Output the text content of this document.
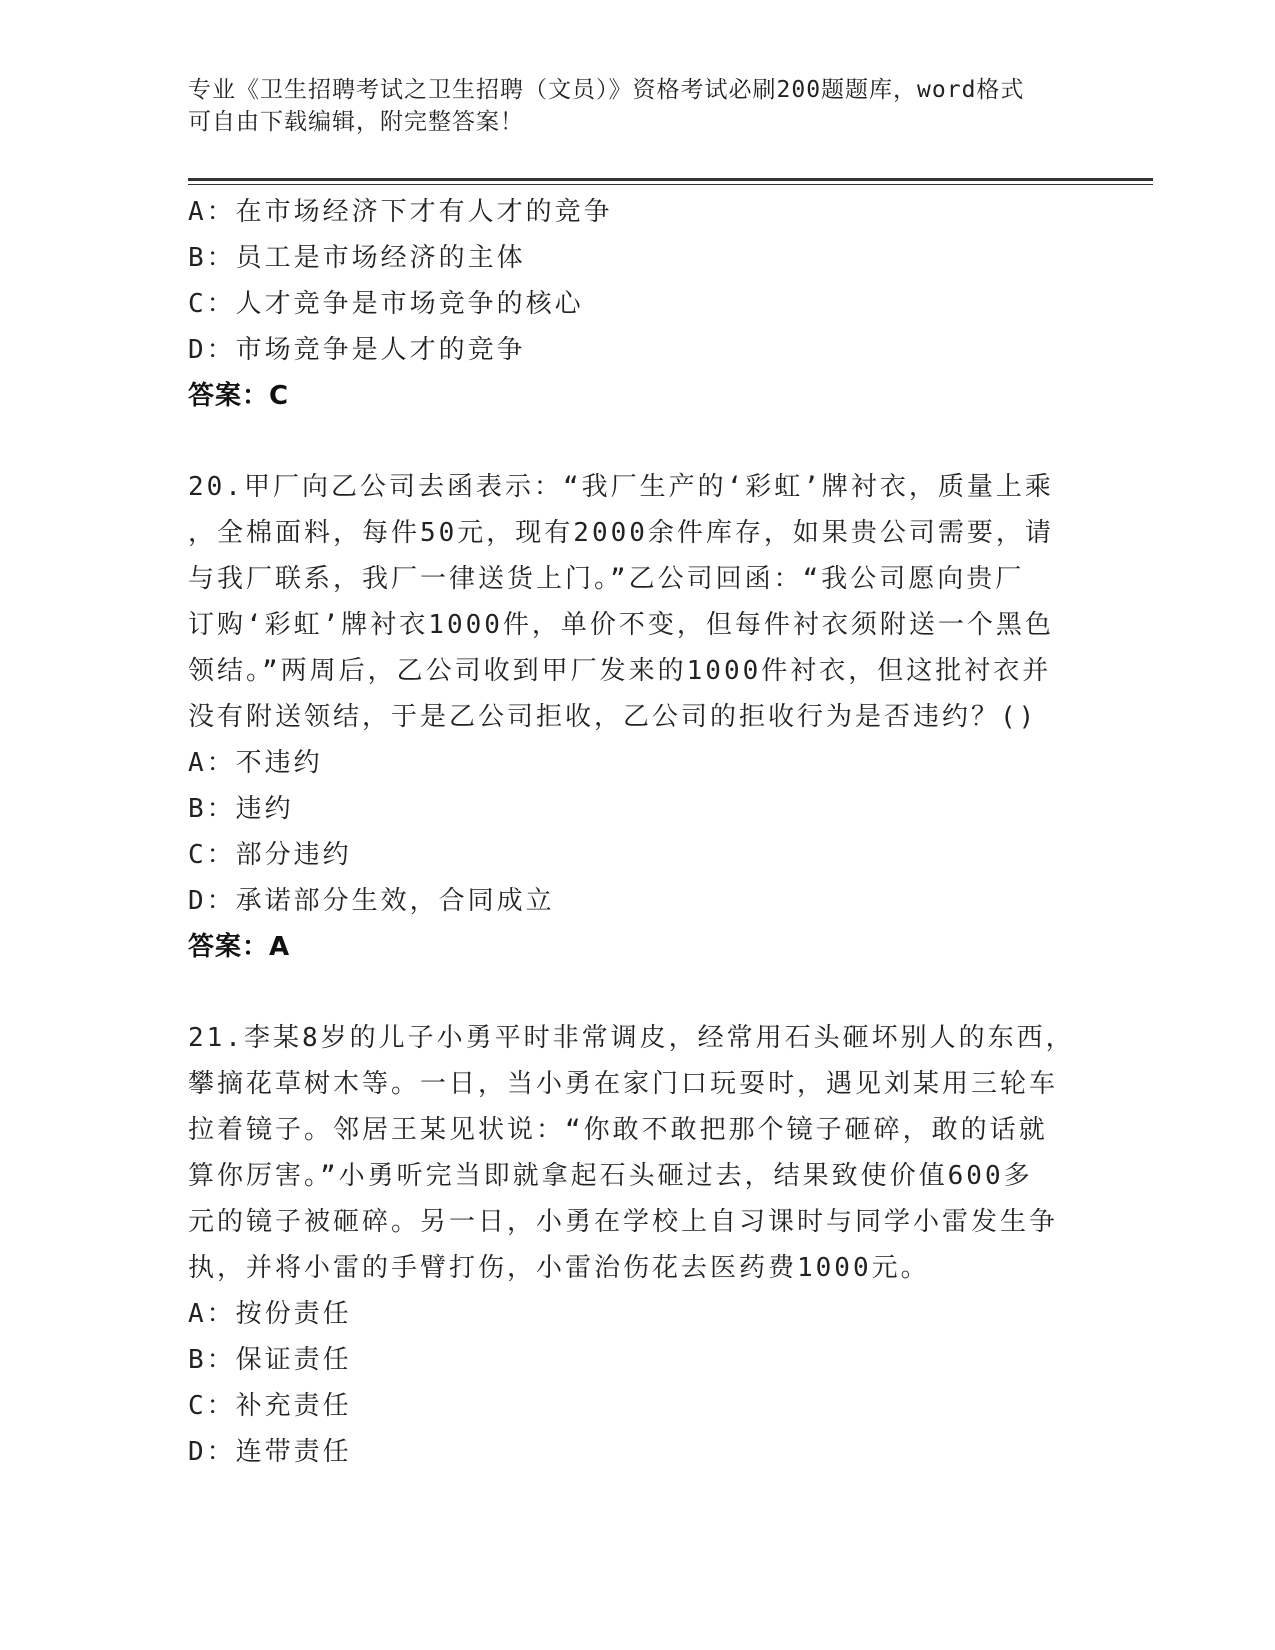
专业《卫生招聘考试之卫生招聘（文员）》资格考试必刷200题题库，word格式
可自由下载编辑，附完整答案！
A：在市场经济下才有人才的竞争
B：员工是市场经济的主体
C：人才竞争是市场竞争的核心
D：市场竞争是人才的竞争
答案：C
20.甲厂向乙公司去函表示：“我厂生产的‘彩虹’牌衬衣，质量上乘
，全棉面料，每件50元，现有2000余件库存，如果贵公司需要，请
与我厂联系，我厂一律送货上门。”乙公司回函：“我公司愿向贵厂
订购‘彩虹’牌衬衣1000件，单价不变，但每件衬衣须附送一个黑色
领结。”两周后，乙公司收到甲厂发来的1000件衬衣，但这批衬衣并
没有附送领结，于是乙公司拒收，乙公司的拒收行为是否违约？()
A：不违约
B：违约
C：部分违约
D：承诺部分生效，合同成立
答案：A
21.李某8岁的儿子小勇平时非常调皮，经常用石头砸坏别人的东西，
攀摘花草树木等。一日，当小勇在家门口玩耍时，遇见刘某用三轮车
拉着镜子。邻居王某见状说：“你敢不敢把那个镜子砸碎，敢的话就
算你厉害。”小勇听完当即就拿起石头砸过去，结果致使价值600多
元的镜子被砸碎。另一日，小勇在学校上自习课时与同学小雷发生争
执，并将小雷的手臂打伤，小雷治伤花去医药费1000元。
A：按份责任
B：保证责任
C：补充责任
D：连带责任
